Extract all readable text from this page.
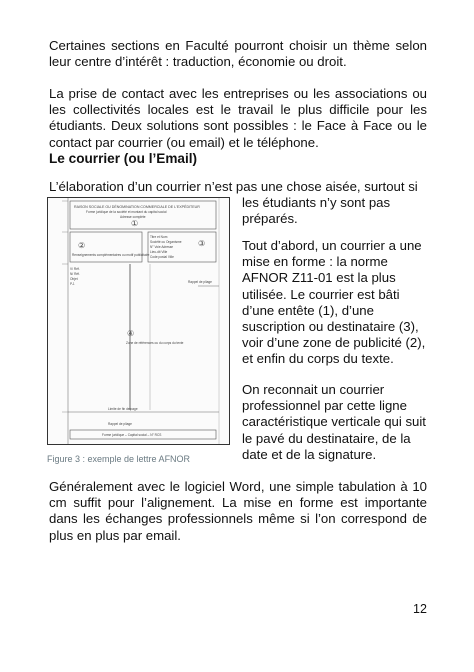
Certaines sections en Faculté pourront choisir un thème selon leur centre d’intérêt : traduction, économie ou droit.
La prise de contact avec les entreprises ou les associations ou les collectivités locales est le travail le plus difficile pour les étudiants. Deux solutions sont possibles : le Face à Face ou le contact par courrier (ou email) et le téléphone.
Le courrier (ou l’Email)
L’élaboration d’un courrier n’est pas une chose aisée, surtout si
les étudiants n’y sont pas préparés.
Tout d’abord, un courrier a une mise en forme : la norme AFNOR Z11-01 est la plus utilisée. Le courrier est bâti d’une entête (1), d’une suscription ou destinataire (3), voir d’une zone de publicité (2), et enfin du corps du texte.
On reconnait un courrier professionnel par cette ligne caractéristique verticale qui suit le pavé du destinataire, de la date et de la signature.
Généralement avec le logiciel Word, une simple tabulation à 10 cm suffit pour l’alignement. La mise en forme est importante dans les échanges professionnels même si l’on correspond de plus en plus par email.
RAISON SOCIALE OU DÉNOMINATION COMMERCIALE DE L'EXPÉDITEUR
Forme juridique de la société et montant du capital social
Adresse complète
①
②
Renseignements complémentaires ou motif publicitaire
③
Titre et Nom
Société ou Organisme
N° Voie Adresse
Lieu-dit Ville
Code postal Ville
V/ Réf.
N/ Réf.
Objet
P.J.	Rappel de pliage
④
Zone de références ou du corps du texte
Limite de fin de page
Rappel de pliage
Forme juridique – Capital social – N° RCS
Figure 3 : exemple de lettre AFNOR
12
